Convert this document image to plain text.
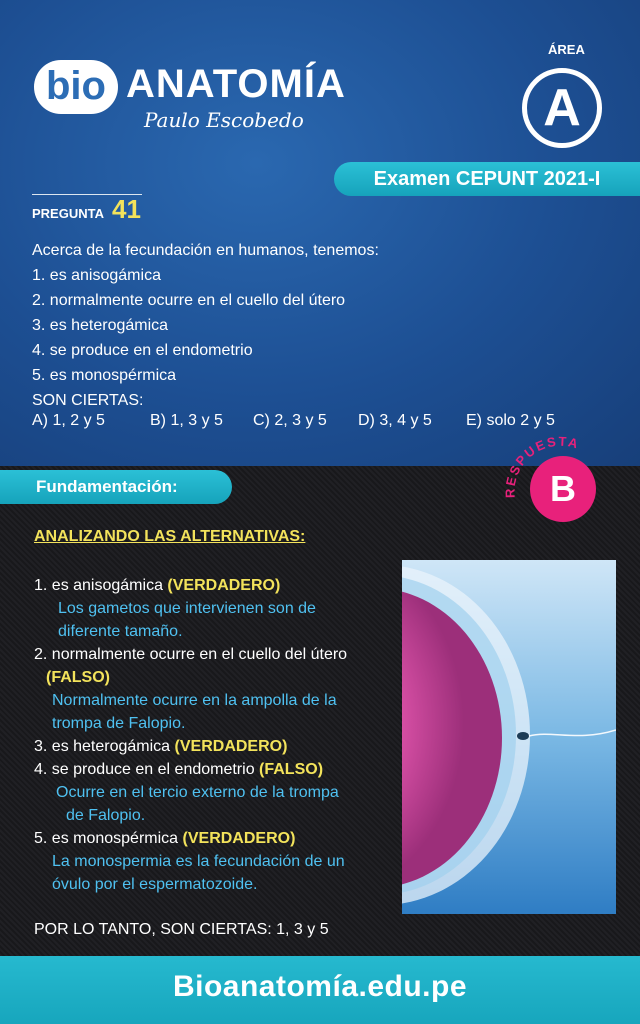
bio ANATOMÍA
Paulo Escobedo
ÁREA
A
Examen CEPUNT 2021-I
PREGUNTA 41
Acerca de la fecundación en humanos, tenemos:
1. es anisogámica
2. normalmente ocurre en el cuello del útero
3. es heterogámica
4. se produce en el endometrio
5. es monospérmica
SON CIERTAS:
A) 1, 2 y 5	B) 1, 3 y 5 C) 2, 3 y 5 D) 3, 4 y 5 E) solo 2 y 5
Fundamentación:	RESPUESTA
B
ANALIZANDO LAS ALTERNATIVAS:
1. es anisogámica (VERDADERO)
Los gametos que intervienen son de
diferente tamaño.
2. normalmente ocurre en el cuello del útero
(FALSO)
Normalmente ocurre en la ampolla de la
trompa de Falopio.
3. es heterogámica (VERDADERO)
4. se produce en el endometrio (FALSO)
Ocurre en el tercio externo de la trompa
de Falopio.
5. es monospérmica (VERDADERO)
La monospermia es la fecundación de un
óvulo por el espermatozoide.
POR LO TANTO, SON CIERTAS: 1, 3 y 5
Bioanatomía.edu.pe
